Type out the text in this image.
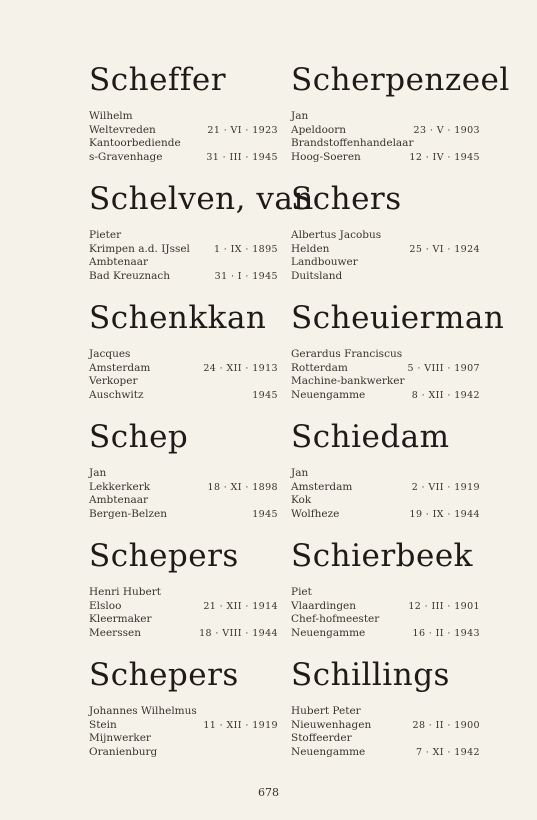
Scheffer
Wilhelm
Weltevreden	21 · VI · 1923
Kantoorbediende
s-Gravenhage	31 · III · 1945
Schelven, van
Pieter
Krimpen a.d. IJssel	1 · IX · 1895
Ambtenaar
Bad Kreuznach	31 · I · 1945
Schenkkan
Jacques
Amsterdam	24 · XII · 1913
Verkoper
Auschwitz	1945
Schep
Jan
Lekkerkerk	18 · XI · 1898
Ambtenaar
Bergen-Belzen	1945
Schepers
Henri Hubert
Elsloo	21 · XII · 1914
Kleermaker
Meerssen	18 · VIII · 1944
Schepers
Johannes Wilhelmus
Stein	11 · XII · 1919
Mijnwerker
Oranienburg
Scherpenzeel
Jan
Apeldoorn	23 · V · 1903
Brandstoffenhandelaar
Hoog-Soeren	12 · IV · 1945
Schers
Albertus Jacobus
Helden	25 · VI · 1924
Landbouwer
Duitsland
Scheuierman
Gerardus Franciscus
Rotterdam	5 · VIII · 1907
Machine-bankwerker
Neuengamme	8 · XII · 1942
Schiedam
Jan
Amsterdam	2 · VII · 1919
Kok
Wolfheze	19 · IX · 1944
Schierbeek
Piet
Vlaardingen	12 · III · 1901
Chef-hofmeester
Neuengamme	16 · II · 1943
Schillings
Hubert Peter
Nieuwenhagen	28 · II · 1900
Stoffeerder
Neuengamme	7 · XI · 1942
678
